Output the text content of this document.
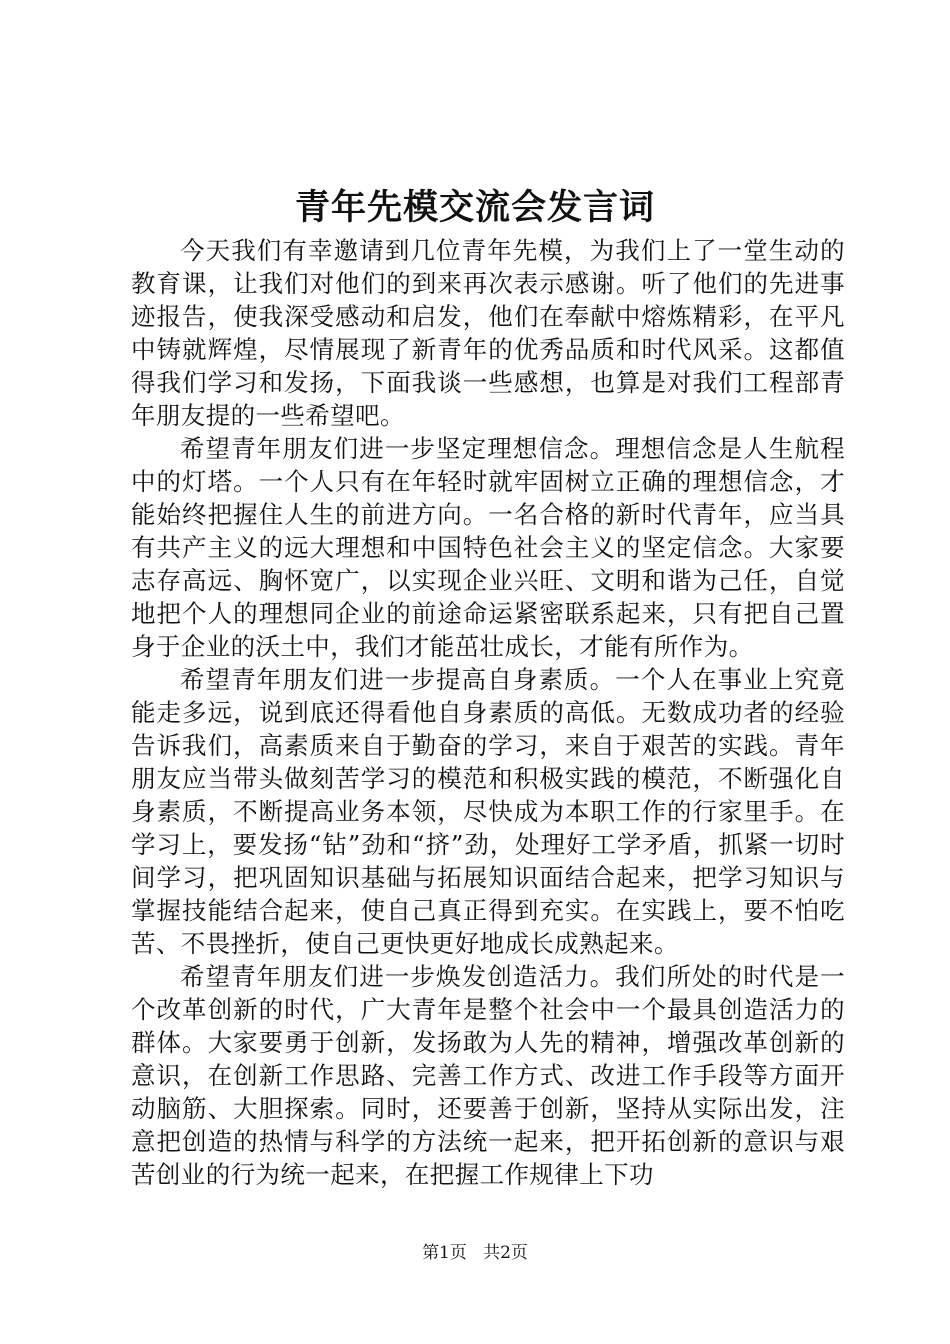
青年先模交流会发言词

今天我们有幸邀请到几位青年先模，为我们上了一堂生动的教育课，让我们对他们的到来再次表示感谢。听了他们的先进事迹报告，使我深受感动和启发，他们在奉献中熔炼精彩，在平凡中铸就辉煌，尽情展现了新青年的优秀品质和时代风采。这都值得我们学习和发扬，下面我谈一些感想，也算是对我们工程部青年朋友提的一些希望吧。

希望青年朋友们进一步坚定理想信念。理想信念是人生航程中的灯塔。一个人只有在年轻时就牢固树立正确的理想信念，才能始终把握住人生的前进方向。一名合格的新时代青年，应当具有共产主义的远大理想和中国特色社会主义的坚定信念。大家要志存高远、胸怀宽广，以实现企业兴旺、文明和谐为己任，自觉地把个人的理想同企业的前途命运紧密联系起来，只有把自己置身于企业的沃土中，我们才能茁壮成长，才能有所作为。

希望青年朋友们进一步提高自身素质。一个人在事业上究竟能走多远，说到底还得看他自身素质的高低。无数成功者的经验告诉我们，高素质来自于勤奋的学习，来自于艰苦的实践。青年朋友应当带头做刻苦学习的模范和积极实践的模范，不断强化自身素质，不断提高业务本领，尽快成为本职工作的行家里手。在学习上，要发扬“钻”劲和“挤”劲，处理好工学矛盾，抓紧一切时间学习，把巩固知识基础与拓展知识面结合起来，把学习知识与掌握技能结合起来，使自己真正得到充实。在实践上，要不怕吃苦、不畏挫折，使自己更快更好地成长成熟起来。

希望青年朋友们进一步焕发创造活力。我们所处的时代是一个改革创新的时代，广大青年是整个社会中一个最具创造活力的群体。大家要勇于创新，发扬敢为人先的精神，增强改革创新的意识，在创新工作思路、完善工作方式、改进工作手段等方面开动脑筋、大胆探索。同时，还要善于创新，坚持从实际出发，注意把创造的热情与科学的方法统一起来，把开拓创新的意识与艰苦创业的行为统一起来，在把握工作规律上下功

第1页 共2页
